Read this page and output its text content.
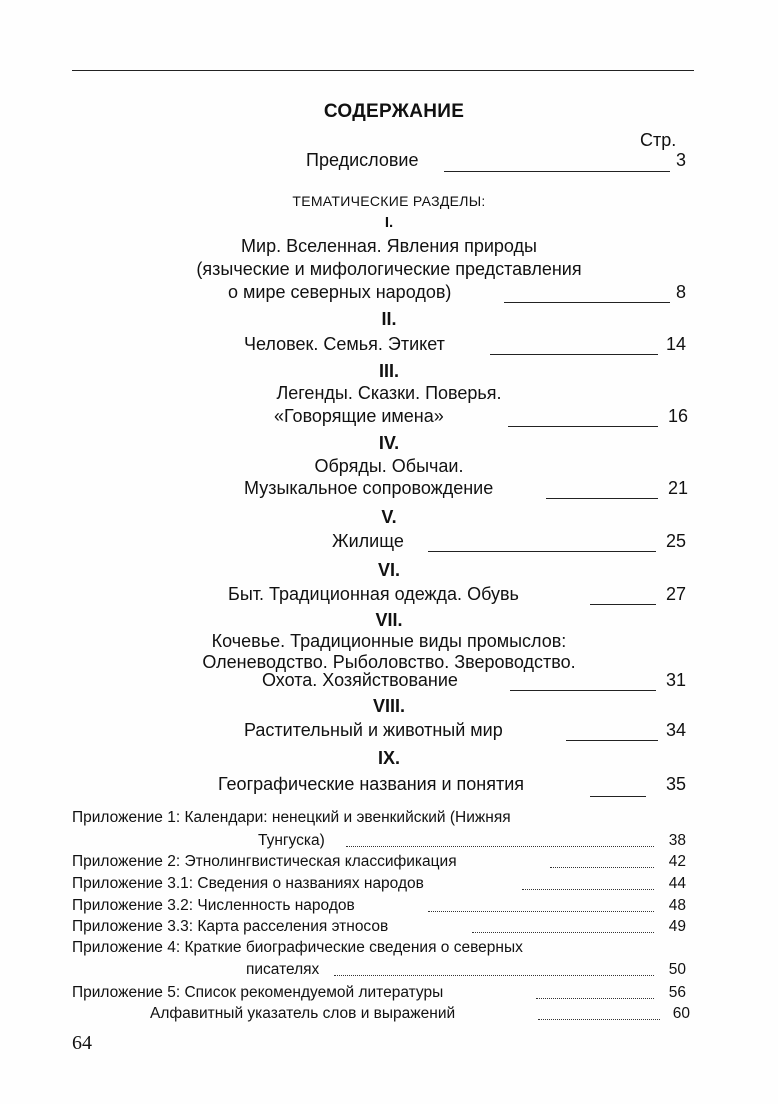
СОДЕРЖАНИЕ
Стр.
Предисловие	3
ТЕМАТИЧЕСКИЕ РАЗДЕЛЫ:
I.
Мир. Вселенная. Явления природы
(языческие и мифологические представления
о мире северных народов)	8
II.
Человек. Семья. Этикет	14
III.
Легенды. Сказки. Поверья.
«Говорящие имена»	16
IV.
Обряды. Обычаи.
Музыкальное сопровождение	21
V.
Жилище	25
VI.
Быт. Традиционная одежда. Обувь	27
VII.
Кочевье. Традиционные виды промыслов:
Оленеводство. Рыболовство. Звероводство.
Охота. Хозяйствование	31
VIII.
Растительный и животный мир	34
IX.
Географические названия и понятия	35
Приложение 1: Календари: ненецкий и эвенкийский (Нижняя
Тунгуска)	38
Приложение 2: Этнолингвистическая классификация	42
Приложение 3.1: Сведения о названиях народов	44
Приложение 3.2: Численность народов	48
Приложение 3.3: Карта расселения этносов	49
Приложение 4: Краткие биографические сведения о северных
писателях	50
Приложение 5: Список рекомендуемой литературы	56
Алфавитный указатель слов и выражений	60
64
